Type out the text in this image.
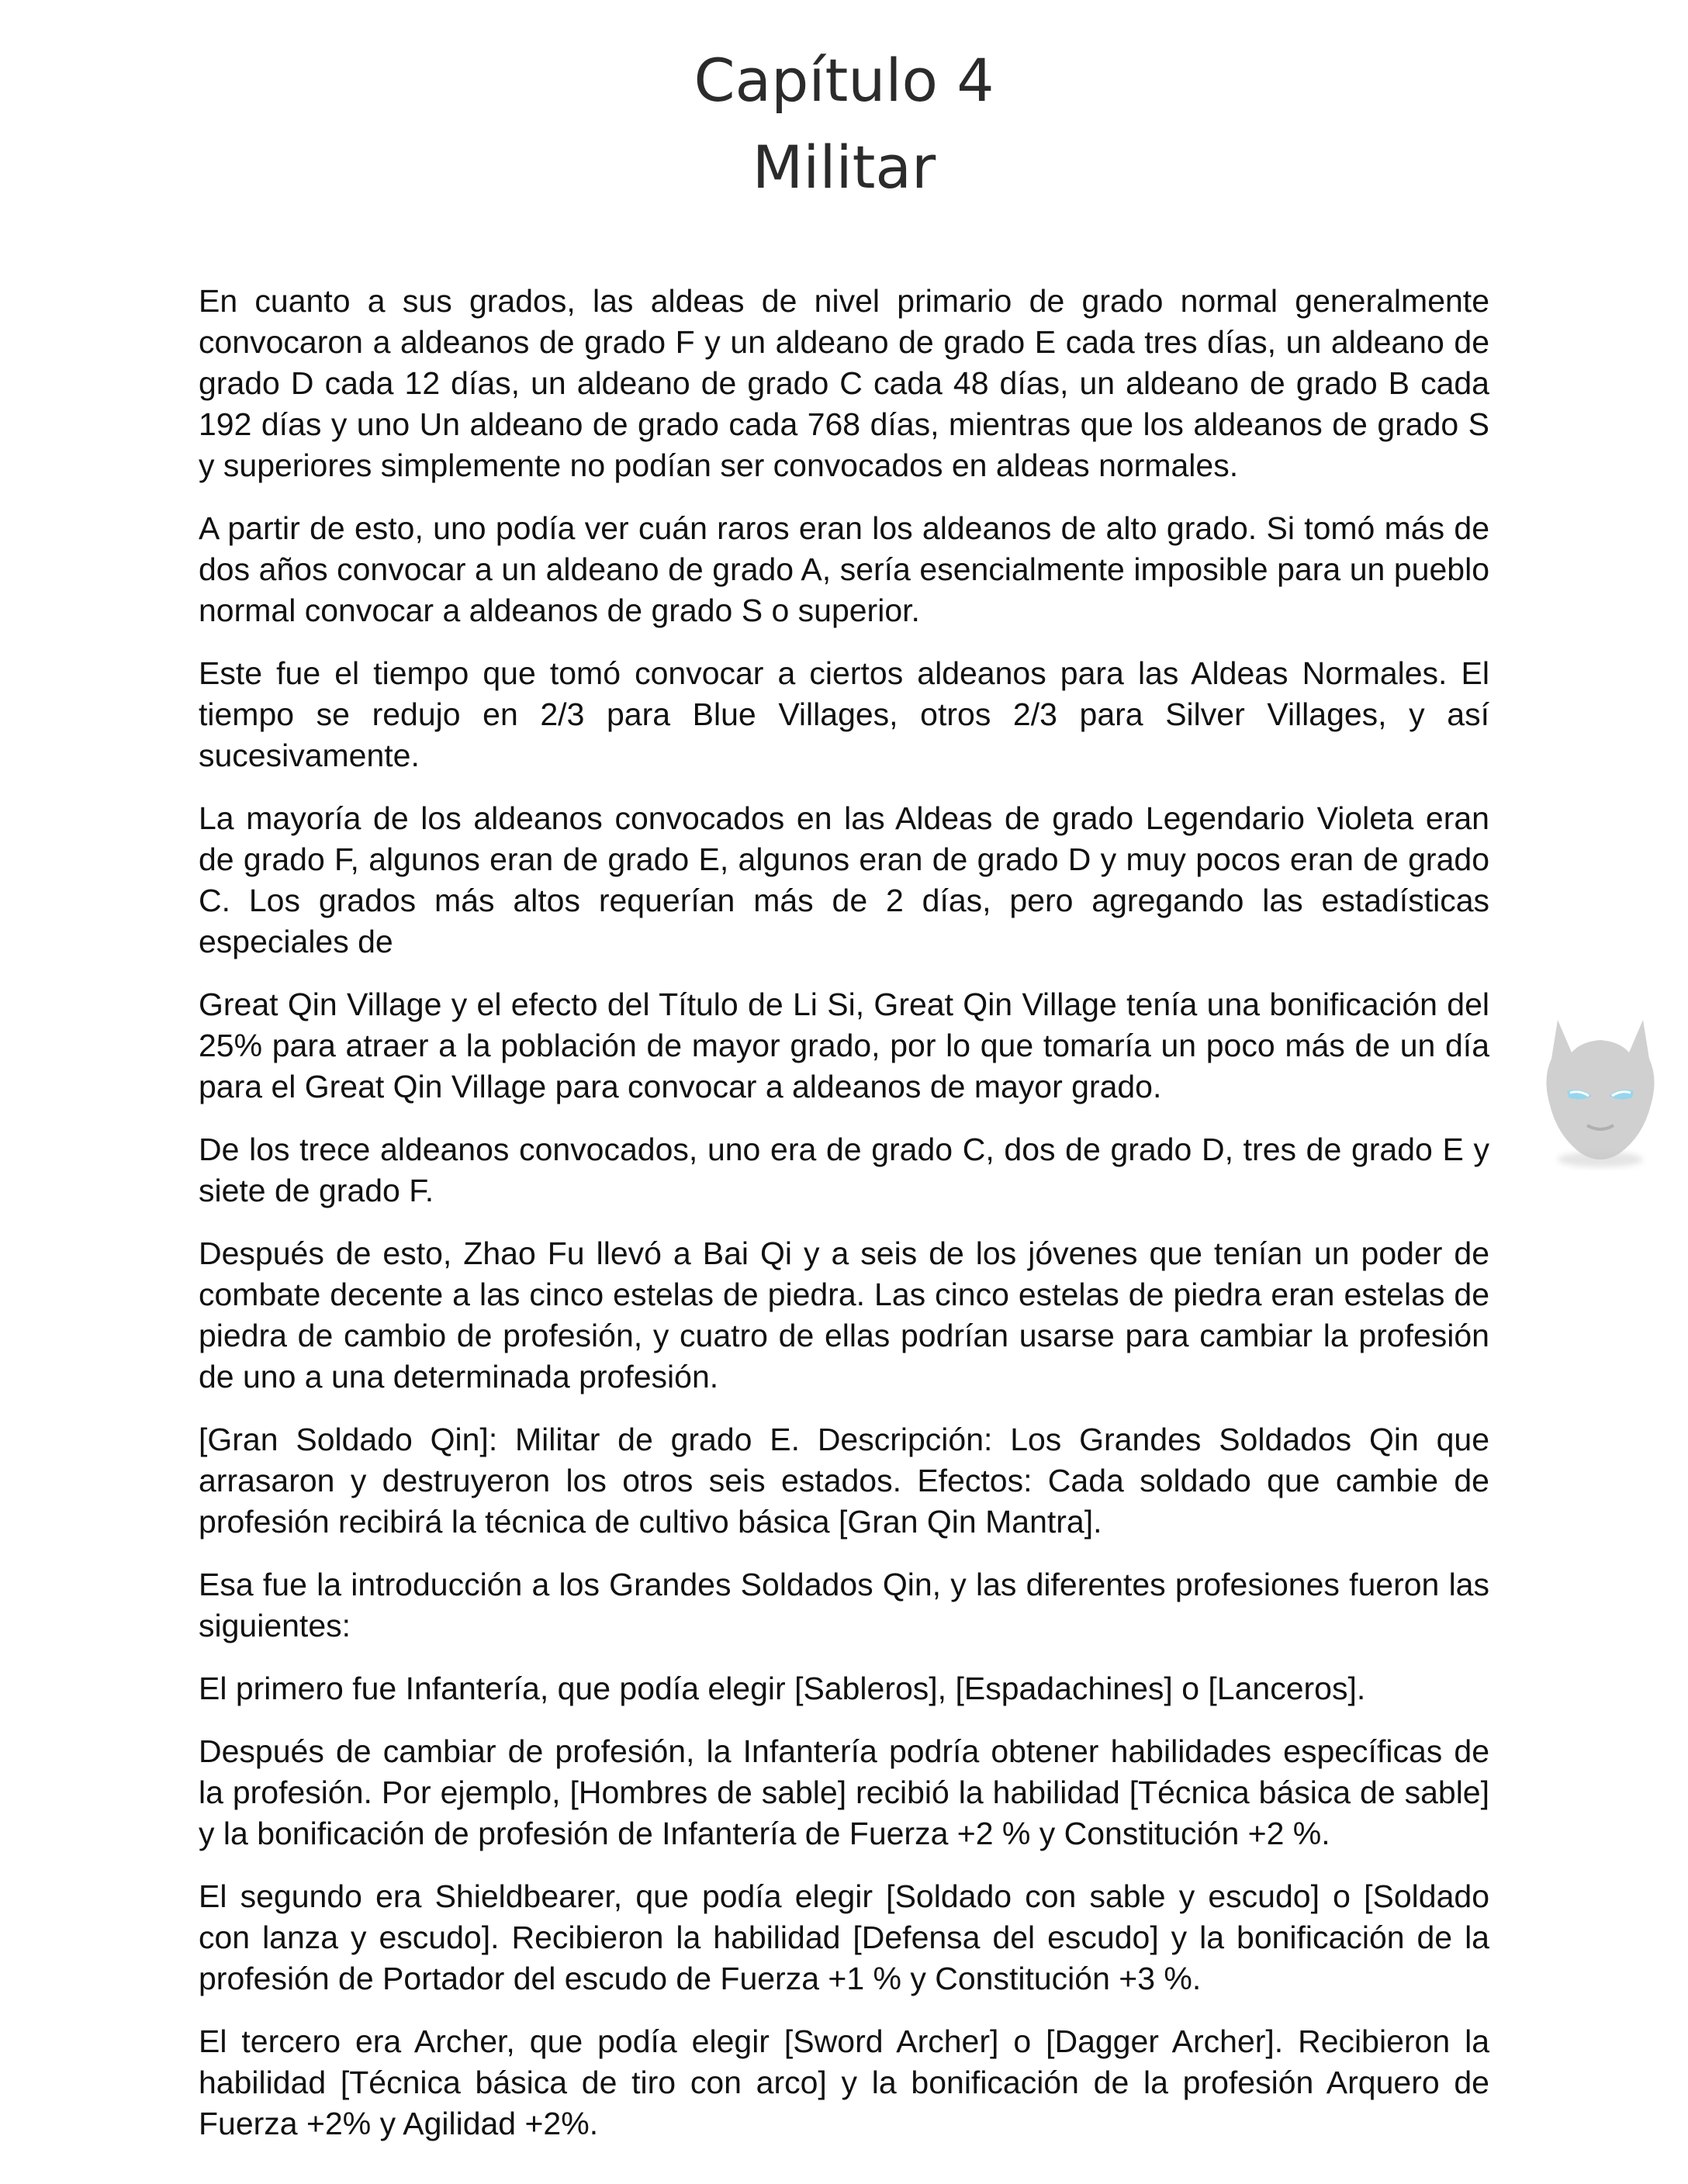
Capítulo 4
Militar

En cuanto a sus grados, las aldeas de nivel primario de grado normal generalmente convocaron a aldeanos de grado F y un aldeano de grado E cada tres días, un aldeano de grado D cada 12 días, un aldeano de grado C cada 48 días, un aldeano de grado B cada 192 días y uno Un aldeano de grado cada 768 días, mientras que los aldeanos de grado S y superiores simplemente no podían ser convocados en aldeas normales.

A partir de esto, uno podía ver cuán raros eran los aldeanos de alto grado. Si tomó más de dos años convocar a un aldeano de grado A, sería esencialmente imposible para un pueblo normal convocar a aldeanos de grado S o superior.

Este fue el tiempo que tomó convocar a ciertos aldeanos para las Aldeas Normales. El tiempo se redujo en 2/3 para Blue Villages, otros 2/3 para Silver Villages, y así sucesivamente.

La mayoría de los aldeanos convocados en las Aldeas de grado Legendario Violeta eran de grado F, algunos eran de grado E, algunos eran de grado D y muy pocos eran de grado C. Los grados más altos requerían más de 2 días, pero agregando las estadísticas especiales de

Great Qin Village y el efecto del Título de Li Si, Great Qin Village tenía una bonificación del 25% para atraer a la población de mayor grado, por lo que tomaría un poco más de un día para el Great Qin Village para convocar a aldeanos de mayor grado.

De los trece aldeanos convocados, uno era de grado C, dos de grado D, tres de grado E y siete de grado F.

Después de esto, Zhao Fu llevó a Bai Qi y a seis de los jóvenes que tenían un poder de combate decente a las cinco estelas de piedra. Las cinco estelas de piedra eran estelas de piedra de cambio de profesión, y cuatro de ellas podrían usarse para cambiar la profesión de uno a una determinada profesión.

[Gran Soldado Qin]: Militar de grado E. Descripción: Los Grandes Soldados Qin que arrasaron y destruyeron los otros seis estados. Efectos: Cada soldado que cambie de profesión recibirá la técnica de cultivo básica [Gran Qin Mantra].

Esa fue la introducción a los Grandes Soldados Qin, y las diferentes profesiones fueron las siguientes:

El primero fue Infantería, que podía elegir [Sableros], [Espadachines] o [Lanceros].

Después de cambiar de profesión, la Infantería podría obtener habilidades específicas de la profesión. Por ejemplo, [Hombres de sable] recibió la habilidad [Técnica básica de sable] y la bonificación de profesión de Infantería de Fuerza +2 % y Constitución +2 %.

El segundo era Shieldbearer, que podía elegir [Soldado con sable y escudo] o [Soldado con lanza y escudo]. Recibieron la habilidad [Defensa del escudo] y la bonificación de la profesión de Portador del escudo de Fuerza +1 % y Constitución +3 %.

El tercero era Archer, que podía elegir [Sword Archer] o [Dagger Archer]. Recibieron la habilidad [Técnica básica de tiro con arco] y la bonificación de la profesión Arquero de Fuerza +2% y Agilidad +2%.
